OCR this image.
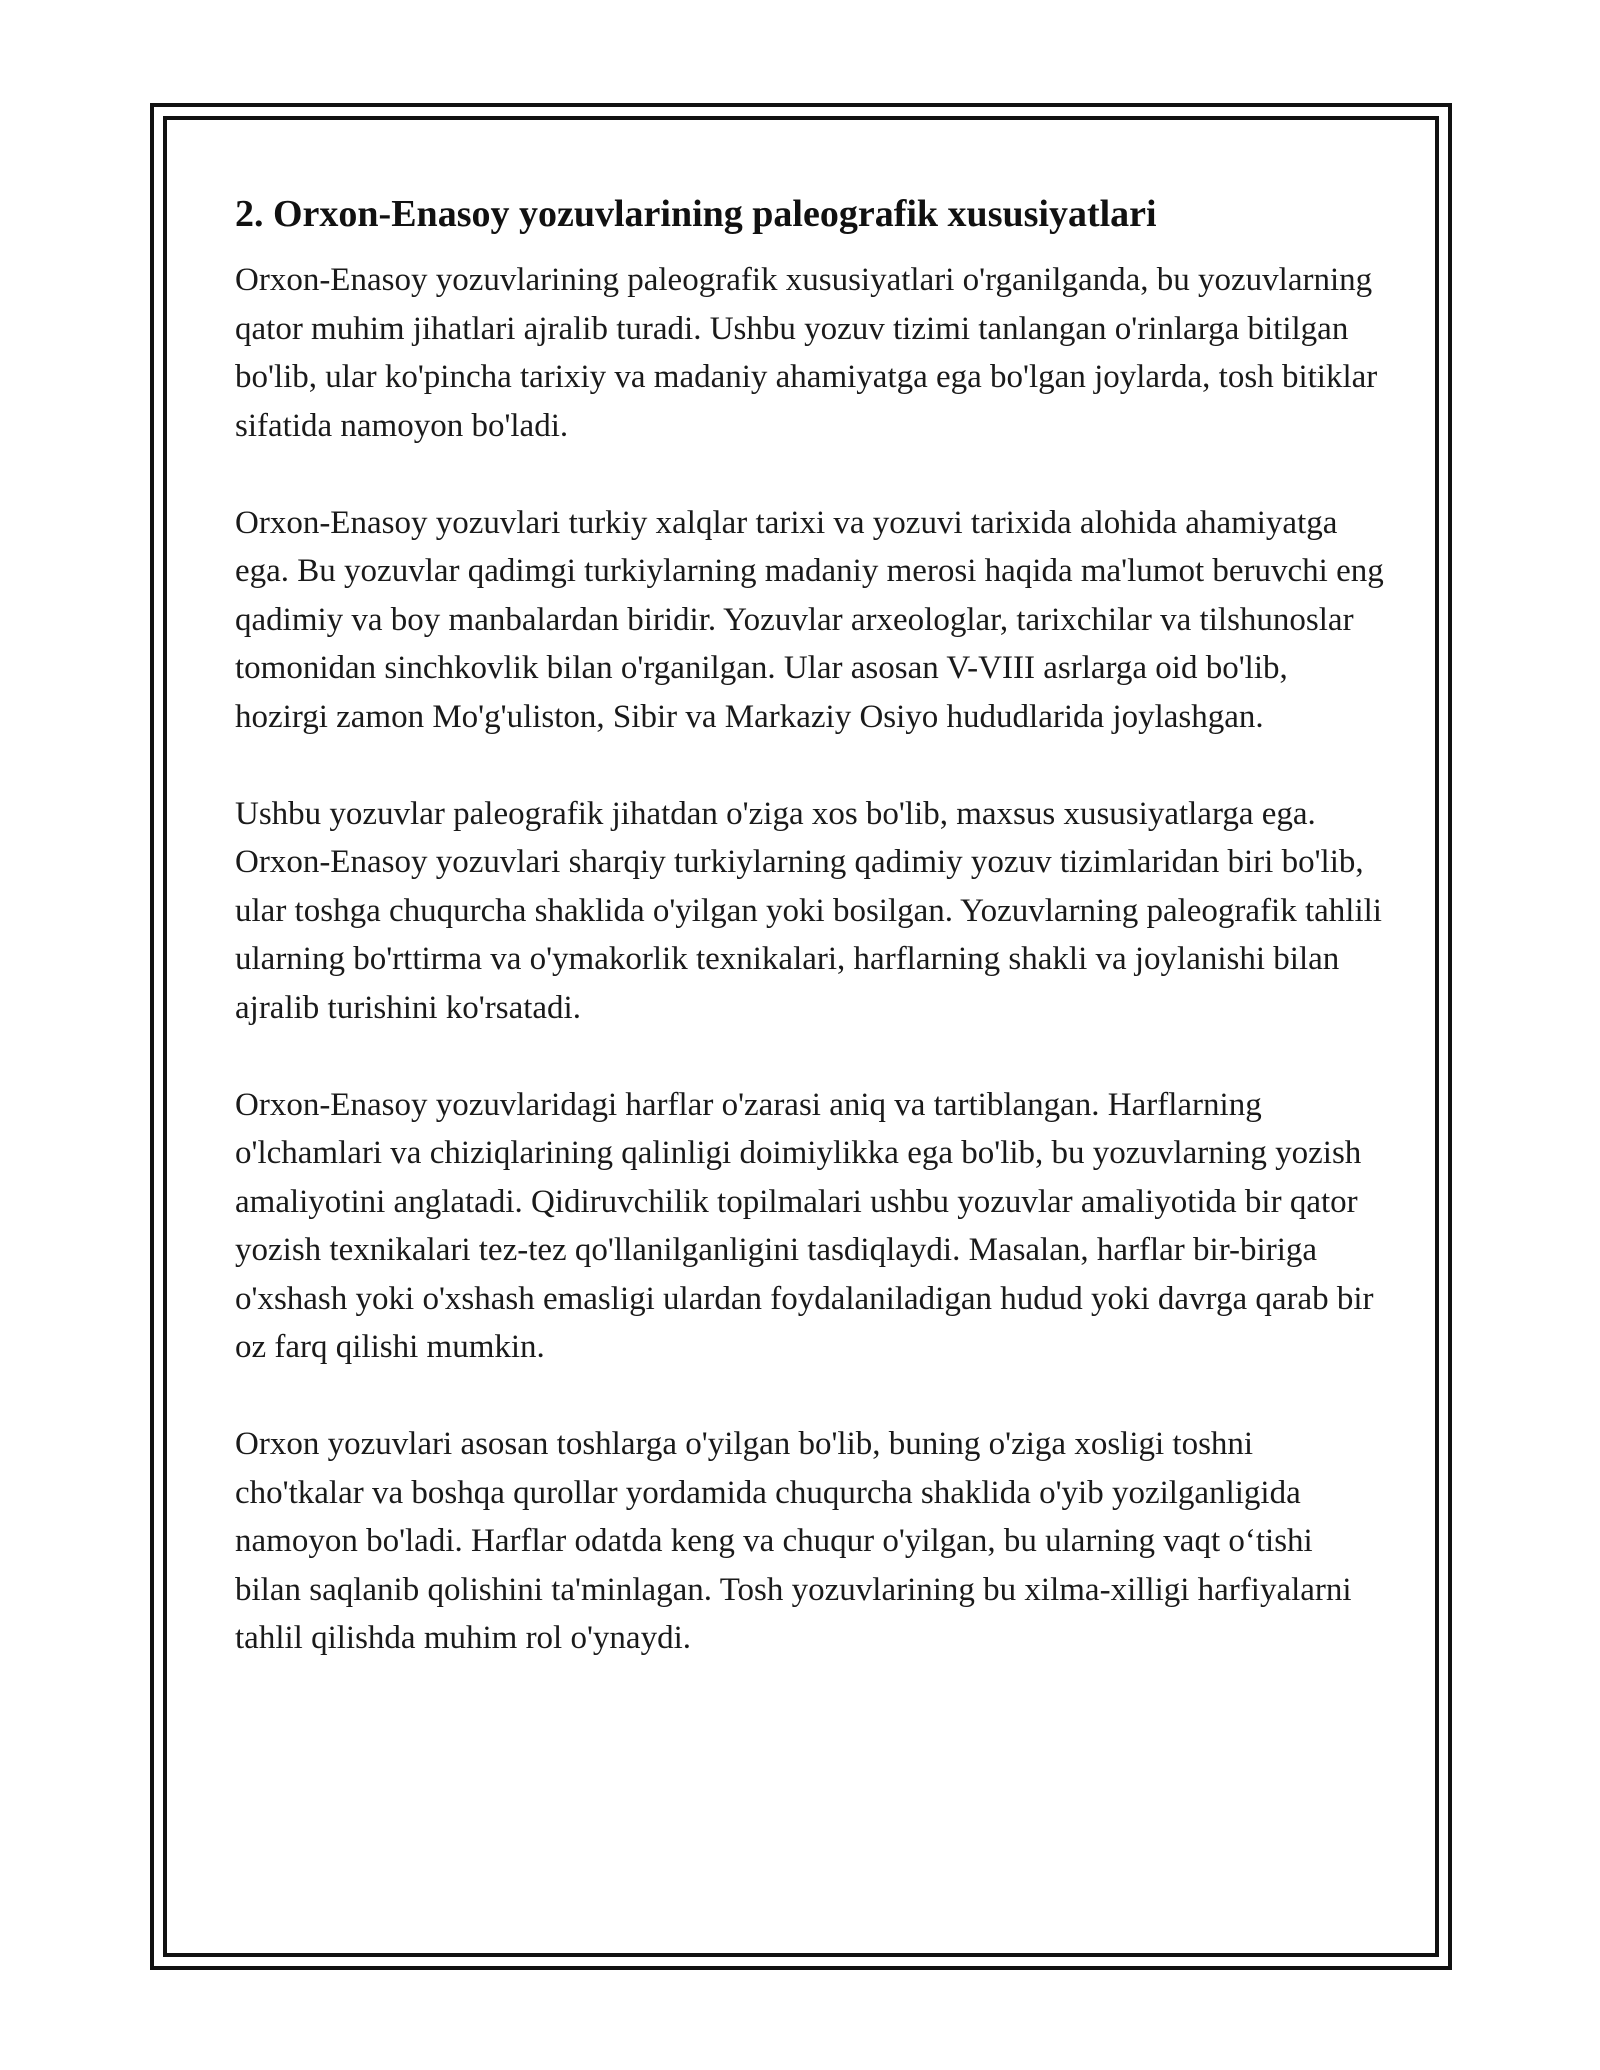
2. Orxon-Enasoy yozuvlarining paleografik xususiyatlari

Orxon-Enasoy yozuvlarining paleografik xususiyatlari o'rganilganda, bu yozuvlarning qator muhim jihatlari ajralib turadi. Ushbu yozuv tizimi tanlangan o'rinlarga bitilgan bo'lib, ular ko'pincha tarixiy va madaniy ahamiyatga ega bo'lgan joylarda, tosh bitiklar sifatida namoyon bo'ladi.

Orxon-Enasoy yozuvlari turkiy xalqlar tarixi va yozuvi tarixida alohida ahamiyatga ega. Bu yozuvlar qadimgi turkiylarning madaniy merosi haqida ma'lumot beruvchi eng qadimiy va boy manbalardan biridir. Yozuvlar arxeologlar, tarixchilar va tilshunoslar tomonidan sinchkovlik bilan o'rganilgan. Ular asosan V-VIII asrlarga oid bo'lib, hozirgi zamon Mo'g'uliston, Sibir va Markaziy Osiyo hududlarida joylashgan.

Ushbu yozuvlar paleografik jihatdan o'ziga xos bo'lib, maxsus xususiyatlarga ega. Orxon-Enasoy yozuvlari sharqiy turkiylarning qadimiy yozuv tizimlaridan biri bo'lib, ular toshga chuqurcha shaklida o'yilgan yoki bosilgan. Yozuvlarning paleografik tahlili ularning bo'rttirma va o'ymakorlik texnikalari, harflarning shakli va joylanishi bilan ajralib turishini ko'rsatadi.

Orxon-Enasoy yozuvlaridagi harflar o'zarasi aniq va tartiblangan. Harflarning o'lchamlari va chiziqlarining qalinligi doimiylikka ega bo'lib, bu yozuvlarning yozish amaliyotini anglatadi. Qidiruvchilik topilmalari ushbu yozuvlar amaliyotida bir qator yozish texnikalari tez-tez qo'llanilganligini tasdiqlaydi. Masalan, harflar bir-biriga o'xshash yoki o'xshash emasligi ulardan foydalaniladigan hudud yoki davrga qarab bir oz farq qilishi mumkin.

Orxon yozuvlari asosan toshlarga o'yilgan bo'lib, buning o'ziga xosligi toshni cho'tkalar va boshqa qurollar yordamida chuqurcha shaklida o'yib yozilganligida namoyon bo'ladi. Harflar odatda keng va chuqur o'yilgan, bu ularning vaqt o‘tishi bilan saqlanib qolishini ta'minlagan. Tosh yozuvlarining bu xilma-xilligi harfiyalarni tahlil qilishda muhim rol o'ynaydi.
